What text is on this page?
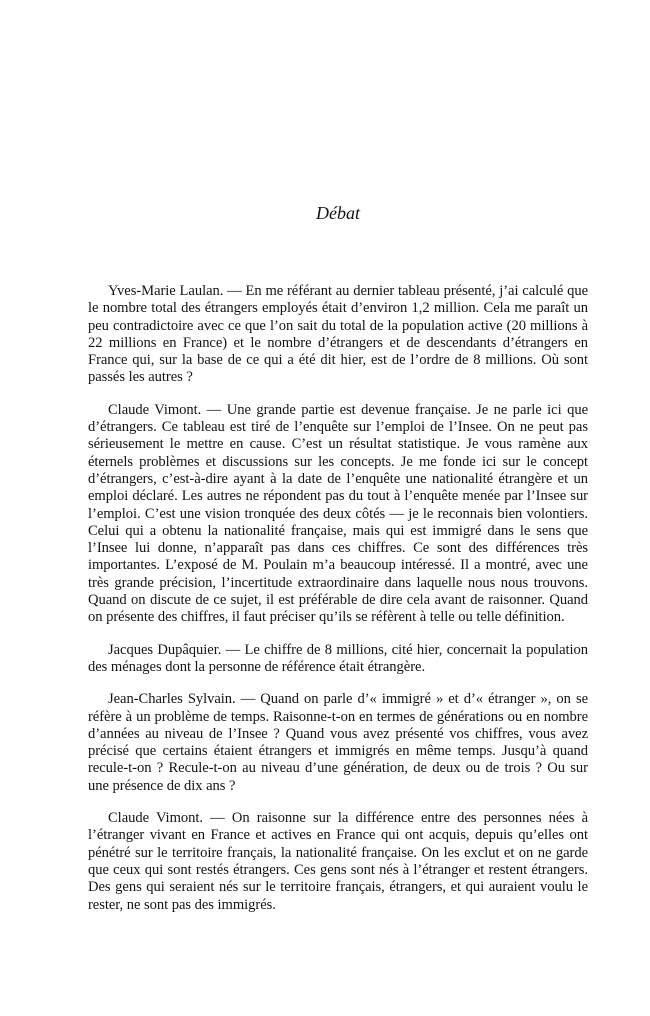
Débat

Yves-Marie Laulan. — En me référant au dernier tableau présenté, j’ai calculé que le nombre total des étrangers employés était d’environ 1,2 million. Cela me paraît un peu contradictoire avec ce que l’on sait du total de la population active (20 millions à 22 millions en France) et le nombre d’étrangers et de descendants d’étrangers en France qui, sur la base de ce qui a été dit hier, est de l’ordre de 8 millions. Où sont passés les autres ?

Claude Vimont. — Une grande partie est devenue française. Je ne parle ici que d’étrangers. Ce tableau est tiré de l’enquête sur l’emploi de l’Insee. On ne peut pas sérieusement le mettre en cause. C’est un résultat statistique. Je vous ramène aux éternels problèmes et discussions sur les concepts. Je me fonde ici sur le concept d’étrangers, c’est-à-dire ayant à la date de l’enquête une nationalité étrangère et un emploi déclaré. Les autres ne répondent pas du tout à l’enquête menée par l’Insee sur l’emploi. C’est une vision tronquée des deux côtés — je le reconnais bien volontiers. Celui qui a obtenu la nationalité française, mais qui est immigré dans le sens que l’Insee lui donne, n’apparaît pas dans ces chiffres. Ce sont des différences très importantes. L’exposé de M. Poulain m’a beaucoup intéressé. Il a montré, avec une très grande précision, l’incertitude extraordinaire dans laquelle nous nous trouvons. Quand on discute de ce sujet, il est préférable de dire cela avant de raisonner. Quand on présente des chiffres, il faut préciser qu’ils se réfèrent à telle ou telle définition.

Jacques Dupâquier. — Le chiffre de 8 millions, cité hier, concernait la population des ménages dont la personne de référence était étrangère.

Jean-Charles Sylvain. — Quand on parle d’« immigré » et d’« étranger », on se réfère à un problème de temps. Raisonne-t-on en termes de générations ou en nombre d’années au niveau de l’Insee ? Quand vous avez présenté vos chiffres, vous avez précisé que certains étaient étrangers et immigrés en même temps. Jusqu’à quand recule-t-on ? Recule-t-on au niveau d’une génération, de deux ou de trois ? Ou sur une présence de dix ans ?

Claude Vimont. — On raisonne sur la différence entre des personnes nées à l’étranger vivant en France et actives en France qui ont acquis, depuis qu’elles ont pénétré sur le territoire français, la nationalité française. On les exclut et on ne garde que ceux qui sont restés étrangers. Ces gens sont nés à l’étranger et restent étrangers. Des gens qui seraient nés sur le territoire français, étrangers, et qui auraient voulu le rester, ne sont pas des immigrés.
